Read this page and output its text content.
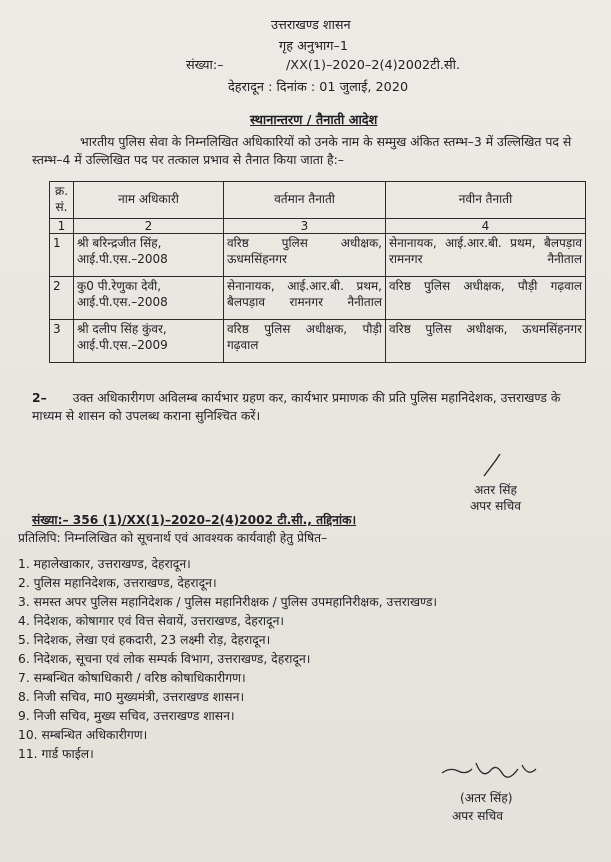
उत्तराखण्ड शासन
गृह अनुभाग–1
संख्या:–	/XX(1)–2020–2(4)2002टी.सी.
देहरादून : दिनांक : 01 जुलाई, 2020
स्थानान्तरण / तैनाती आदेश
भारतीय पुलिस सेवा के निम्नलिखित अधिकारियों को उनके नाम के सम्मुख अंकित स्तम्भ–3 में उल्लिखित पद से स्तम्भ–4 में उल्लिखित पद पर तत्काल प्रभाव से तैनात किया जाता है:–
क्र. सं.	नाम अधिकारी	वर्तमान तैनाती	नवीन तैनाती
1	2	3	4
1	श्री बरिन्द्रजीत सिंह, आई.पी.एस.–2008	वरिष्ठ पुलिस अधीक्षक, ऊधमसिंहनगर	सेनानायक, आई.आर.बी. प्रथम, बैलपड़ाव रामनगर नैनीताल
2	कु0 पी.रेणुका देवी, आई.पी.एस.–2008	सेनानायक, आई.आर.बी. प्रथम, बैलपड़ाव रामनगर नैनीताल	वरिष्ठ पुलिस अधीक्षक, पौड़ी गढ़वाल
3	श्री दलीप सिंह कुंवर, आई.पी.एस.–2009	वरिष्ठ पुलिस अधीक्षक, पौड़ी गढ़वाल	वरिष्ठ पुलिस अधीक्षक, ऊधमसिंहनगर
2– उक्त अधिकारीगण अविलम्ब कार्यभार ग्रहण कर, कार्यभार प्रमाणक की प्रति पुलिस महानिदेशक, उत्तराखण्ड के माध्यम से शासन को उपलब्ध कराना सुनिश्चित करें।
अतर सिंह
अपर सचिव
संख्या:– 356 (1)/XX(1)–2020–2(4)2002 टी.सी., तद्दिनांक।
प्रतिलिपि: निम्नलिखित को सूचनार्थ एवं आवश्यक कार्यवाही हेतु प्रेषित–
1. महालेखाकार, उत्तराखण्ड, देहरादून।
2. पुलिस महानिदेशक, उत्तराखण्ड, देहरादून।
3. समस्त अपर पुलिस महानिदेशक / पुलिस महानिरीक्षक / पुलिस उपमहानिरीक्षक, उत्तराखण्ड।
4. निदेशक, कोषागार एवं वित्त सेवायें, उत्तराखण्ड, देहरादून।
5. निदेशक, लेखा एवं हकदारी, 23 लक्ष्मी रोड़, देहरादून।
6. निदेशक, सूचना एवं लोक सम्पर्क विभाग, उत्तराखण्ड, देहरादून।
7. सम्बन्धित कोषाधिकारी / वरिष्ठ कोषाधिकारीगण।
8. निजी सचिव, मा0 मुख्यमंत्री, उत्तराखण्ड शासन।
9. निजी सचिव, मुख्य सचिव, उत्तराखण्ड शासन।
10. सम्बन्धित अधिकारीगण।
11. गार्ड फाईल।
(अतर सिंह)
अपर सचिव
